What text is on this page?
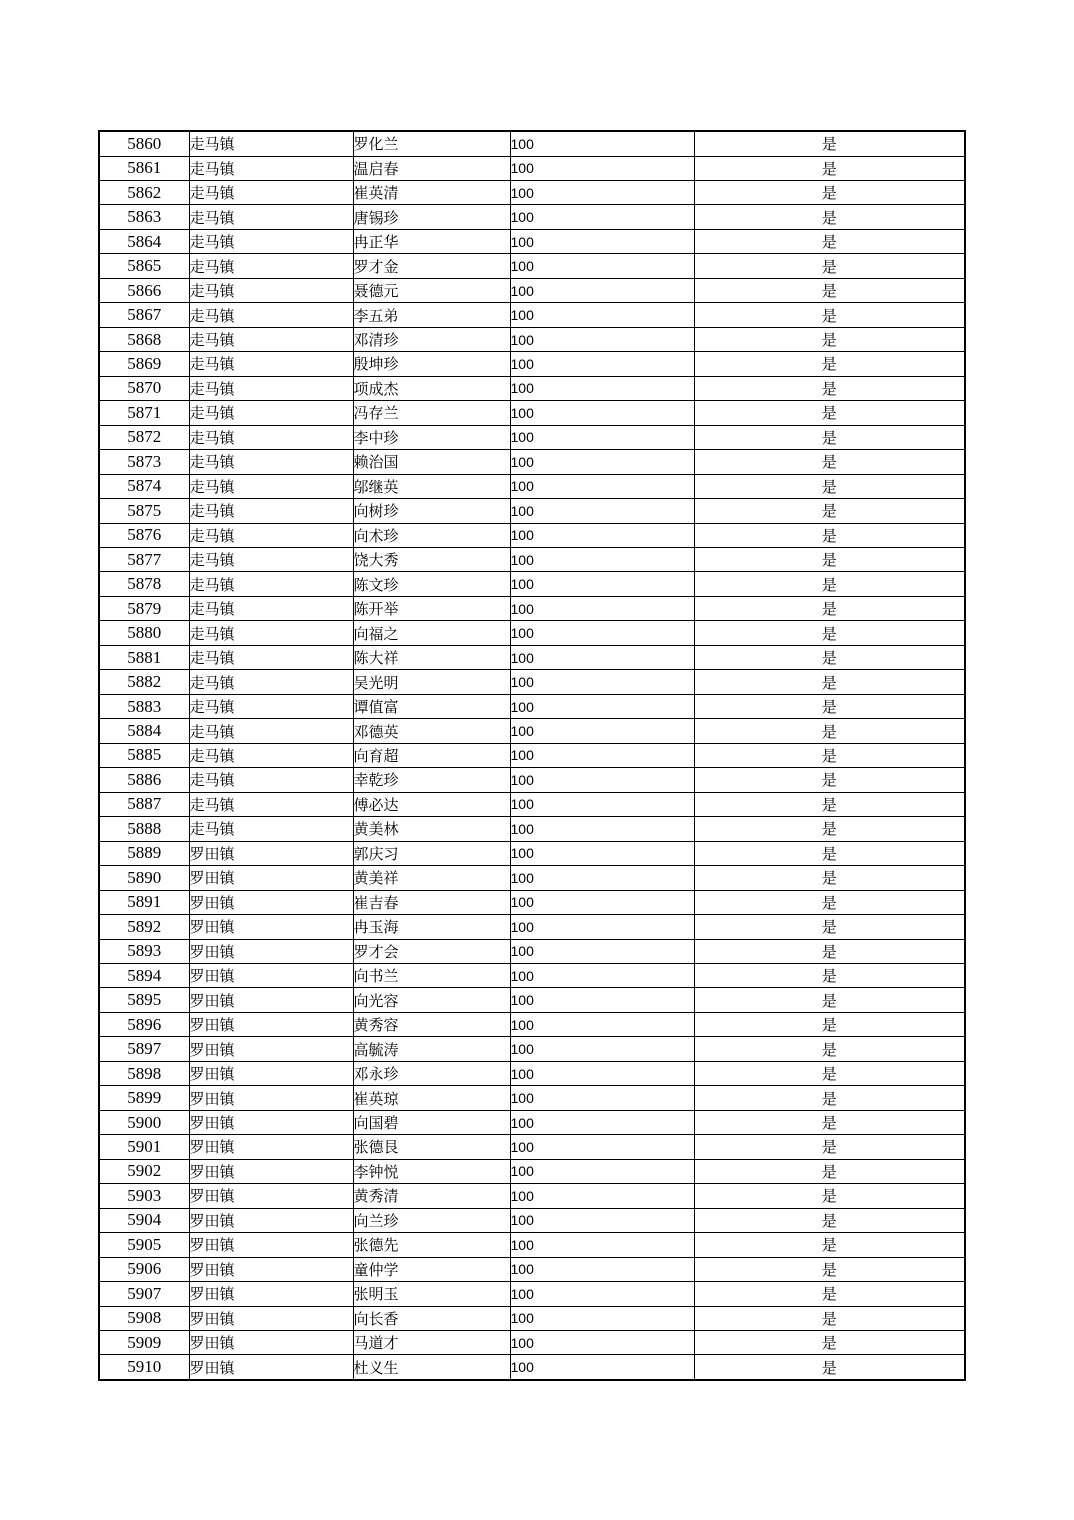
5860	走马镇	罗化兰	100	是
5861	走马镇	温启春	100	是
5862	走马镇	崔英清	100	是
5863	走马镇	唐锡珍	100	是
5864	走马镇	冉正华	100	是
5865	走马镇	罗才金	100	是
5866	走马镇	聂德元	100	是
5867	走马镇	李五弟	100	是
5868	走马镇	邓清珍	100	是
5869	走马镇	殷坤珍	100	是
5870	走马镇	项成杰	100	是
5871	走马镇	冯存兰	100	是
5872	走马镇	李中珍	100	是
5873	走马镇	赖治国	100	是
5874	走马镇	邬继英	100	是
5875	走马镇	向树珍	100	是
5876	走马镇	向术珍	100	是
5877	走马镇	饶大秀	100	是
5878	走马镇	陈文珍	100	是
5879	走马镇	陈开举	100	是
5880	走马镇	向福之	100	是
5881	走马镇	陈大祥	100	是
5882	走马镇	吴光明	100	是
5883	走马镇	谭值富	100	是
5884	走马镇	邓德英	100	是
5885	走马镇	向育超	100	是
5886	走马镇	幸乾珍	100	是
5887	走马镇	傅必达	100	是
5888	走马镇	黄美林	100	是
5889	罗田镇	郭庆习	100	是
5890	罗田镇	黄美祥	100	是
5891	罗田镇	崔吉春	100	是
5892	罗田镇	冉玉海	100	是
5893	罗田镇	罗才会	100	是
5894	罗田镇	向书兰	100	是
5895	罗田镇	向光容	100	是
5896	罗田镇	黄秀容	100	是
5897	罗田镇	高毓涛	100	是
5898	罗田镇	邓永珍	100	是
5899	罗田镇	崔英琼	100	是
5900	罗田镇	向国碧	100	是
5901	罗田镇	张德艮	100	是
5902	罗田镇	李钟悦	100	是
5903	罗田镇	黄秀清	100	是
5904	罗田镇	向兰珍	100	是
5905	罗田镇	张德先	100	是
5906	罗田镇	童仲学	100	是
5907	罗田镇	张明玉	100	是
5908	罗田镇	向长香	100	是
5909	罗田镇	马道才	100	是
5910	罗田镇	杜义生	100	是
